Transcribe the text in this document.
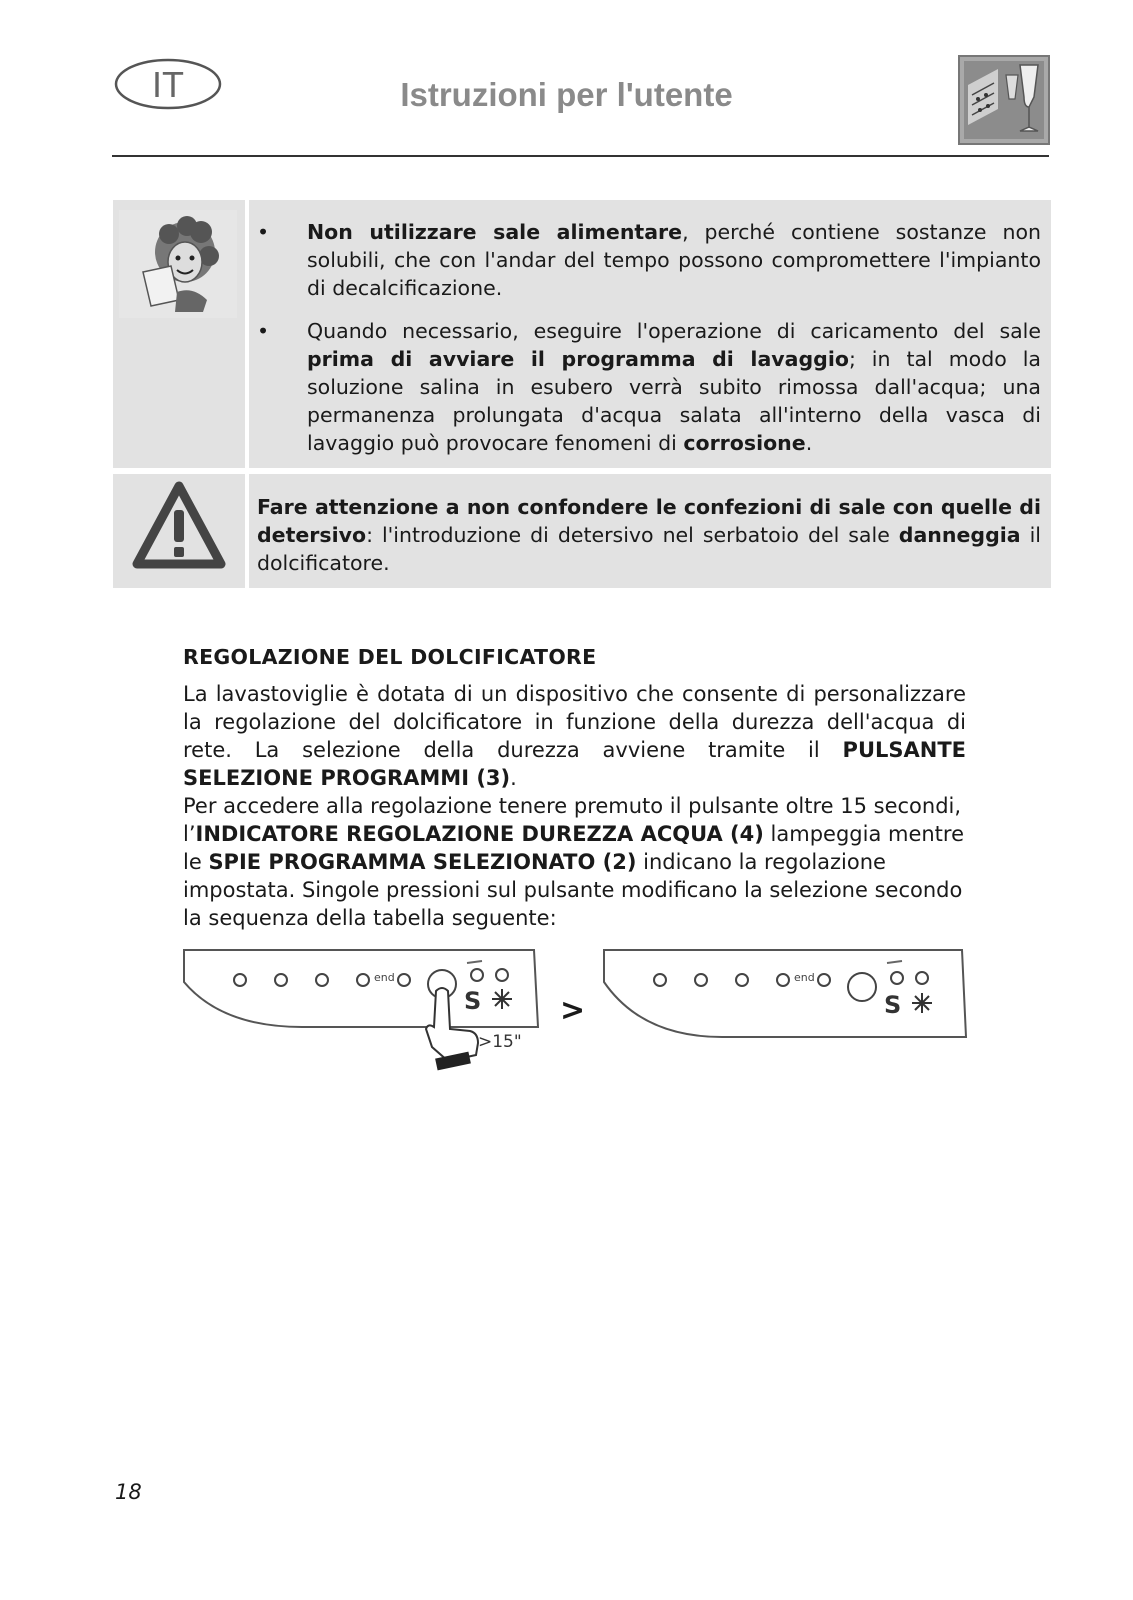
IT	Istruzioni per l'utente
• Non utilizzare sale alimentare, perché contiene sostanze non solubili, che con l'andar del tempo possono compromettere l'impianto di decalcificazione.
• Quando necessario, eseguire l'operazione di caricamento del sale prima di avviare il programma di lavaggio; in tal modo la soluzione salina in esubero verrà subito rimossa dall'acqua; una permanenza prolungata d'acqua salata all'interno della vasca di lavaggio può provocare fenomeni di corrosione.
Fare attenzione a non confondere le confezioni di sale con quelle di detersivo: l'introduzione di detersivo nel serbatoio del sale danneggia il dolcificatore.
REGOLAZIONE DEL DOLCIFICATORE
La lavastoviglie è dotata di un dispositivo che consente di personalizzare la regolazione del dolcificatore in funzione della durezza dell'acqua di rete. La selezione della durezza avviene tramite il PULSANTE SELEZIONE PROGRAMMI (3).
Per accedere alla regolazione tenere premuto il pulsante oltre 15 secondi, l’INDICATORE REGOLAZIONE DUREZZA ACQUA (4) lampeggia mentre le SPIE PROGRAMMA SELEZIONATO (2) indicano la regolazione impostata. Singole pressioni sul pulsante modificano la selezione secondo la sequenza della tabella seguente:
end
S
>15"
>
end
S
18
